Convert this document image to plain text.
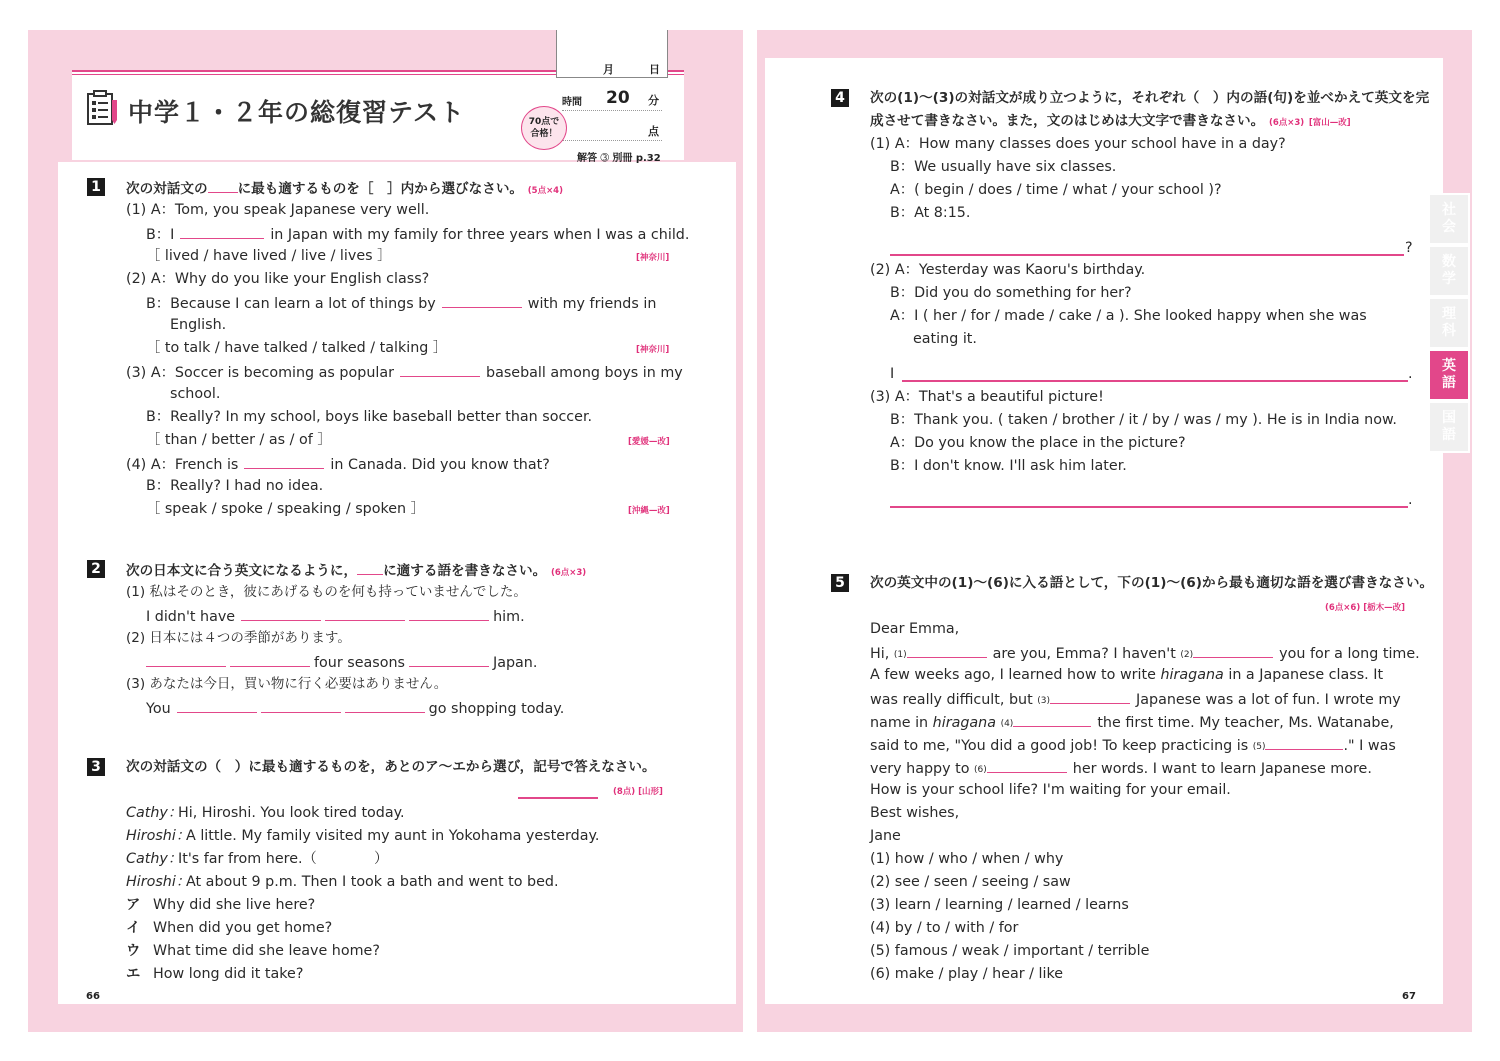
中学１・２年の総復習テスト
月	日
時間 20 分
点
70点で
合格！
解答 ➂ 別冊 p.32
1	次の対話文の に最も適するものを［　］内から選びなさい。 (5点×4)
(1) A：Tom, you speak Japanese very well.
B：I	in Japan with my family for three years when I was a child.
［ lived / have lived / live / lives ］	[神奈川]
(2) A：Why do you like your English class?
B：Because I can learn a lot of things by	with my friends in
English.
［ to talk / have talked / talked / talking ］	[神奈川]
(3) A：Soccer is becoming as popular	baseball among boys in my
school.
B：Really? In my school, boys like baseball better than soccer.
［ than / better / as / of ］	[愛媛—改]
(4) A：French is	in Canada. Did you know that?
B：Really? I had no idea.
［ speak / spoke / speaking / spoken ］	[沖縄—改]
2	次の日本文に合う英文になるように， に適する語を書きなさい。 (6点×3)
(1) 私はそのとき，彼にあげるものを何も持っていませんでした。
I didn't have	him.
(2) 日本には４つの季節があります。
four seasons	Japan.
(3) あなたは今日，買い物に行く必要はありません。
You	go shopping today.
3	次の対話文の（　）に最も適するものを，あとのア～エから選び，記号で答えなさい。
(8点) [山形]
Cathy：Hi, Hiroshi. You look tired today.
Hiroshi：A little. My family visited my aunt in Yokohama yesterday.
Cathy：It's far from here.（　　　　）
Hiroshi：At about 9 p.m. Then I took a bath and went to bed.
ア Why did she live here?
イ When did you get home?
ウ What time did she leave home?
エ How long did it take?
66
4	次の(1)～(3)の対話文が成り立つように，それぞれ（　）内の語(句)を並べかえて英文を完
成させて書きなさい。また，文のはじめは大文字で書きなさい。 (6点×3) [富山—改]
(1) A：How many classes does your school have in a day?
B：We usually have six classes.
A：( begin / does / time / what / your school )?
B：At 8:15.
?
(2) A：Yesterday was Kaoru's birthday.
B：Did you do something for her?
A：I ( her / for / made / cake / a ). She looked happy when she was
eating it.
I	.
(3) A：That's a beautiful picture!
B：Thank you. ( taken / brother / it / by / was / my ). He is in India now.
A：Do you know the place in the picture?
B：I don't know. I'll ask him later.
.
5	次の英文中の(1)～(6)に入る語として，下の(1)～(6)から最も適切な語を選び書きなさい。
(6点×6) [栃木—改]
Dear Emma,
Hi, (1)	are you, Emma? I haven't (2)	you for a long time.
A few weeks ago, I learned how to write hiragana in a Japanese class. It
was really difficult, but (3)	Japanese was a lot of fun. I wrote my
name in hiragana (4)	the first time. My teacher, Ms. Watanabe,
said to me, "You did a good job! To keep practicing is (5)	." I was
very happy to (6)	her words. I want to learn Japanese more.
How is your school life? I'm waiting for your email.
Best wishes,
Jane
(1) how / who / when / why
(2) see / seen / seeing / saw
(3) learn / learning / learned / learns
(4) by / to / with / for
(5) famous / weak / important / terrible
(6) make / play / hear / like
67
社
会
数
学
理
科
英
語
国
語
